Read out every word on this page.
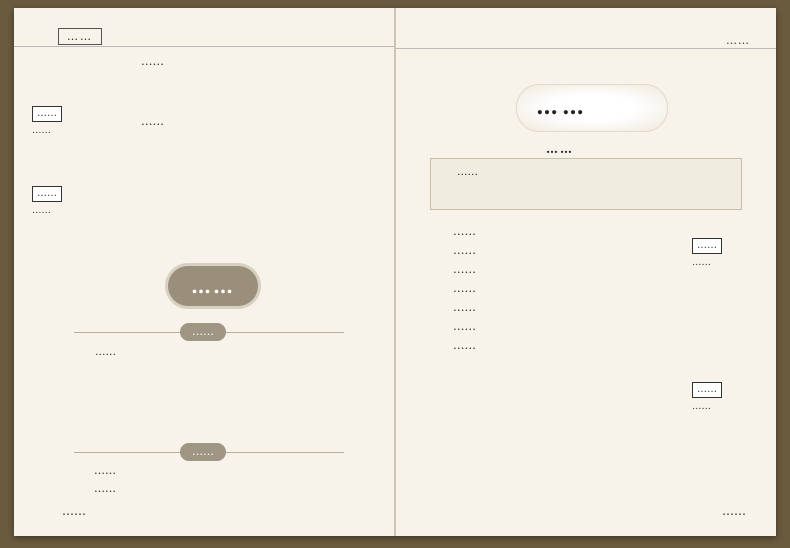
……

……

……
……
……
……

……

……
……
……
……
……
……
……
……
……
……
……

……

……

……

……

……

……

……

……
……
……
……
……
